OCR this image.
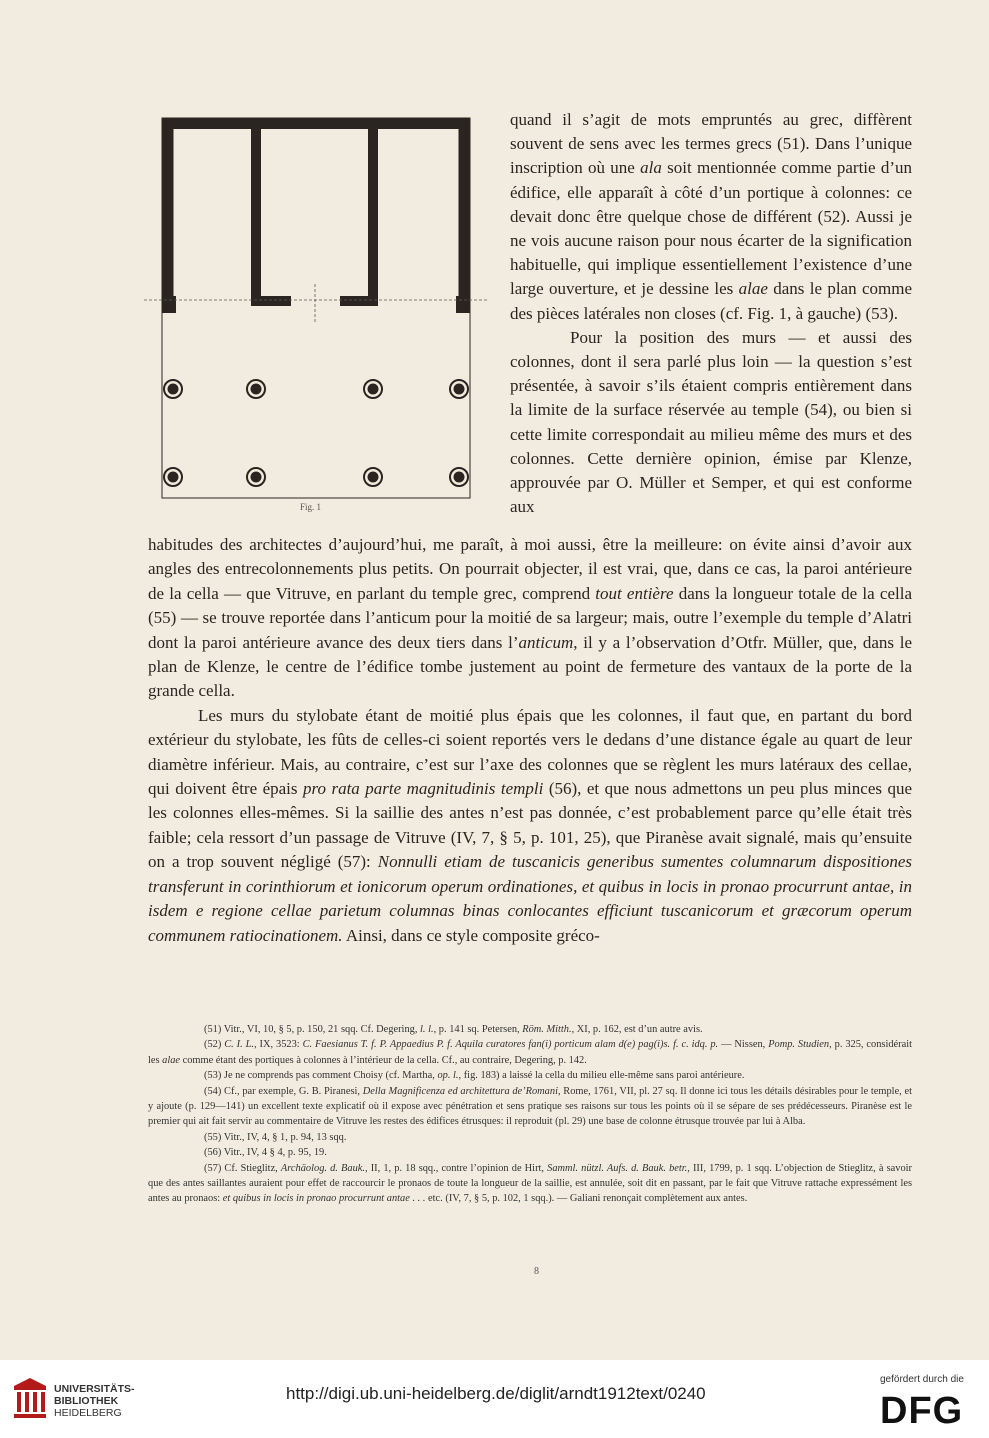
Fig. 1

quand il s’agit de mots empruntés au grec, diffèrent souvent de sens avec les termes grecs (51). Dans l’unique inscription où une ala soit mentionnée comme partie d’un édifice, elle apparaît à côté d’un portique à colonnes: ce devait donc être quelque chose de différent (52). Aussi je ne vois aucune raison pour nous écarter de la signification habituelle, qui implique essentiellement l’existence d’une large ouverture, et je dessine les alae dans le plan comme des pièces latérales non closes (cf. Fig. 1, à gauche) (53).

Pour la position des murs — et aussi des colonnes, dont il sera parlé plus loin — la question s’est présentée, à savoir s’ils étaient compris entièrement dans la limite de la surface réservée au temple (54), ou bien si cette limite correspondait au milieu même des murs et des colonnes. Cette dernière opinion, émise par Klenze, approuvée par O. Müller et Semper, et qui est conforme aux

habitudes des architectes d’aujourd’hui, me paraît, à moi aussi, être la meilleure: on évite ainsi d’avoir aux angles des entrecolonnements plus petits. On pourrait objecter, il est vrai, que, dans ce cas, la paroi antérieure de la cella — que Vitruve, en parlant du temple grec, comprend tout entière dans la longueur totale de la cella (55) — se trouve reportée dans l’anticum pour la moitié de sa largeur; mais, outre l’exemple du temple d’Alatri dont la paroi antérieure avance des deux tiers dans l’anticum, il y a l’observation d’Otfr. Müller, que, dans le plan de Klenze, le centre de l’édifice tombe justement au point de fermeture des vantaux de la porte de la grande cella.

Les murs du stylobate étant de moitié plus épais que les colonnes, il faut que, en partant du bord extérieur du stylobate, les fûts de celles-ci soient reportés vers le dedans d’une distance égale au quart de leur diamètre inférieur. Mais, au contraire, c’est sur l’axe des colonnes que se règlent les murs latéraux des cellae, qui doivent être épais pro rata parte magnitudinis templi (56), et que nous admettons un peu plus minces que les colonnes elles-mêmes. Si la saillie des antes n’est pas donnée, c’est probablement parce qu’elle était très faible; cela ressort d’un passage de Vitruve (IV, 7, § 5, p. 101, 25), que Piranèse avait signalé, mais qu’ensuite on a trop souvent négligé (57): Nonnulli etiam de tuscanicis generibus sumentes columnarum dispositiones transferunt in corinthiorum et ionicorum operum ordinationes, et quibus in locis in pronao procurrunt antae, in isdem e regione cellae parietum columnas binas conlocantes efficiunt tuscanicorum et græcorum operum communem ratiocinationem. Ainsi, dans ce style composite gréco-

(51) Vitr., VI, 10, § 5, p. 150, 21 sqq. Cf. Degering, l. l., p. 141 sq. Petersen, Röm. Mitth., XI, p. 162, est d’un autre avis.

(52) C. I. L., IX, 3523: C. Faesianus T. f. P. Appaedius P. f. Aquila curatores fan(i) porticum alam d(e) pag(i)s. f. c. idq. p. — Nissen, Pomp. Studien, p. 325, considérait les alae comme étant des portiques à colonnes à l’intérieur de la cella. Cf., au contraire, Degering, p. 142.

(53) Je ne comprends pas comment Choisy (cf. Martha, op. l., fig. 183) a laissé la cella du milieu elle-même sans paroi antérieure.

(54) Cf., par exemple, G. B. Piranesi, Della Magnificenza ed architettura de’Romani, Rome, 1761, VII, pl. 27 sq. Il donne ici tous les détails désirables pour le temple, et y ajoute (p. 129—141) un excellent texte explicatif où il expose avec pénétration et sens pratique ses raisons sur tous les points où il se sépare de ses prédécesseurs. Piranèse est le premier qui ait fait servir au commentaire de Vitruve les restes des édifices étrusques: il reproduit (pl. 29) une base de colonne étrusque trouvée par lui à Alba.

(55) Vitr., IV, 4, § 1, p. 94, 13 sqq.

(56) Vitr., IV, 4 § 4, p. 95, 19.

(57) Cf. Stieglitz, Archäolog. d. Bauk., II, 1, p. 18 sqq., contre l’opinion de Hirt, Samml. nützl. Aufs. d. Bauk. betr., III, 1799, p. 1 sqq. L’objection de Stieglitz, à savoir que des antes saillantes auraient pour effet de raccourcir le pronaos de toute la longueur de la saillie, est annulée, soit dit en passant, par le fait que Vitruve rattache expressément les antes au pronaos: et quibus in locis in pronao procurrunt antae . . . etc. (IV, 7, § 5, p. 102, 1 sqq.). — Galiani renonçait complètement aux antes.

8
UNIVERSITÄTS-
BIBLIOTHEK
HEIDELBERG
http://digi.ub.uni-heidelberg.de/diglit/arndt1912text/0240
gefördert durch die
DFG
